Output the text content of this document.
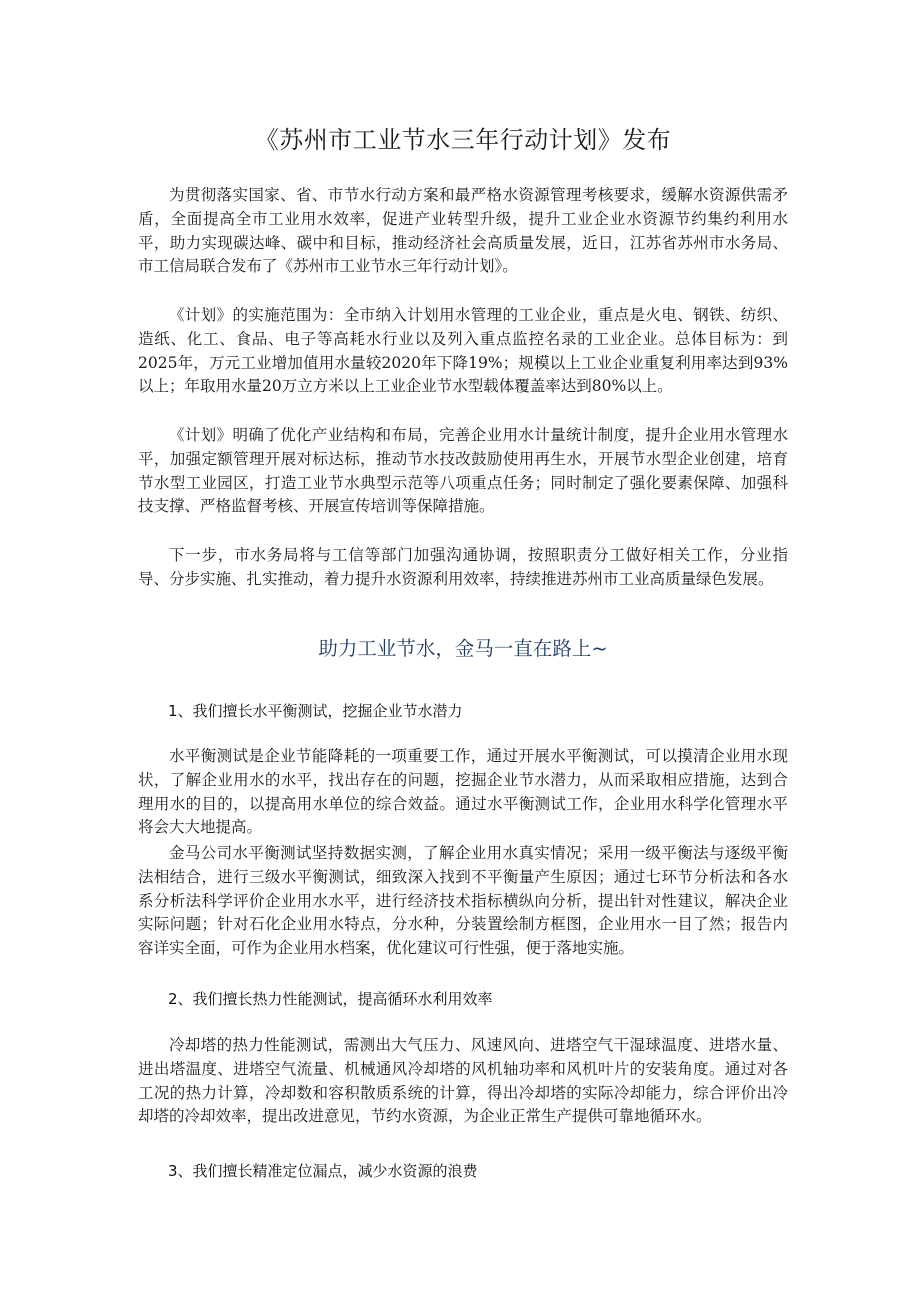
《苏州市工业节水三年行动计划》发布

为贯彻落实国家、省、市节水行动方案和最严格水资源管理考核要求，缓解水资源供需矛盾，全面提高全市工业用水效率，促进产业转型升级，提升工业企业水资源节约集约利用水平，助力实现碳达峰、碳中和目标，推动经济社会高质量发展，近日，江苏省苏州市水务局、市工信局联合发布了《苏州市工业节水三年行动计划》。

《计划》的实施范围为：全市纳入计划用水管理的工业企业，重点是火电、钢铁、纺织、造纸、化工、食品、电子等高耗水行业以及列入重点监控名录的工业企业。总体目标为：到2025年，万元工业增加值用水量较2020年下降19%；规模以上工业企业重复利用率达到93%以上；年取用水量20万立方米以上工业企业节水型载体覆盖率达到80%以上。

《计划》明确了优化产业结构和布局，完善企业用水计量统计制度，提升企业用水管理水平，加强定额管理开展对标达标，推动节水技改鼓励使用再生水，开展节水型企业创建，培育节水型工业园区，打造工业节水典型示范等八项重点任务；同时制定了强化要素保障、加强科技支撑、严格监督考核、开展宣传培训等保障措施。

下一步，市水务局将与工信等部门加强沟通协调，按照职责分工做好相关工作，分业指导、分步实施、扎实推动，着力提升水资源利用效率，持续推进苏州市工业高质量绿色发展。

助力工业节水，金马一直在路上~
1、我们擅长水平衡测试，挖掘企业节水潜力

水平衡测试是企业节能降耗的一项重要工作，通过开展水平衡测试，可以摸清企业用水现状，了解企业用水的水平，找出存在的问题，挖掘企业节水潜力，从而采取相应措施，达到合理用水的目的，以提高用水单位的综合效益。通过水平衡测试工作，企业用水科学化管理水平将会大大地提高。

金马公司水平衡测试坚持数据实测，了解企业用水真实情况；采用一级平衡法与逐级平衡法相结合，进行三级水平衡测试，细致深入找到不平衡量产生原因；通过七环节分析法和各水系分析法科学评价企业用水水平，进行经济技术指标横纵向分析，提出针对性建议，解决企业实际问题；针对石化企业用水特点，分水种，分装置绘制方框图，企业用水一目了然；报告内容详实全面，可作为企业用水档案，优化建议可行性强，便于落地实施。

2、我们擅长热力性能测试，提高循环水利用效率

冷却塔的热力性能测试，需测出大气压力、风速风向、进塔空气干湿球温度、进塔水量、进出塔温度、进塔空气流量、机械通风冷却塔的风机轴功率和风机叶片的安装角度。通过对各工况的热力计算，冷却数和容积散质系统的计算，得出冷却塔的实际冷却能力，综合评价出冷却塔的冷却效率，提出改进意见，节约水资源，为企业正常生产提供可靠地循环水。

3、我们擅长精准定位漏点，减少水资源的浪费
